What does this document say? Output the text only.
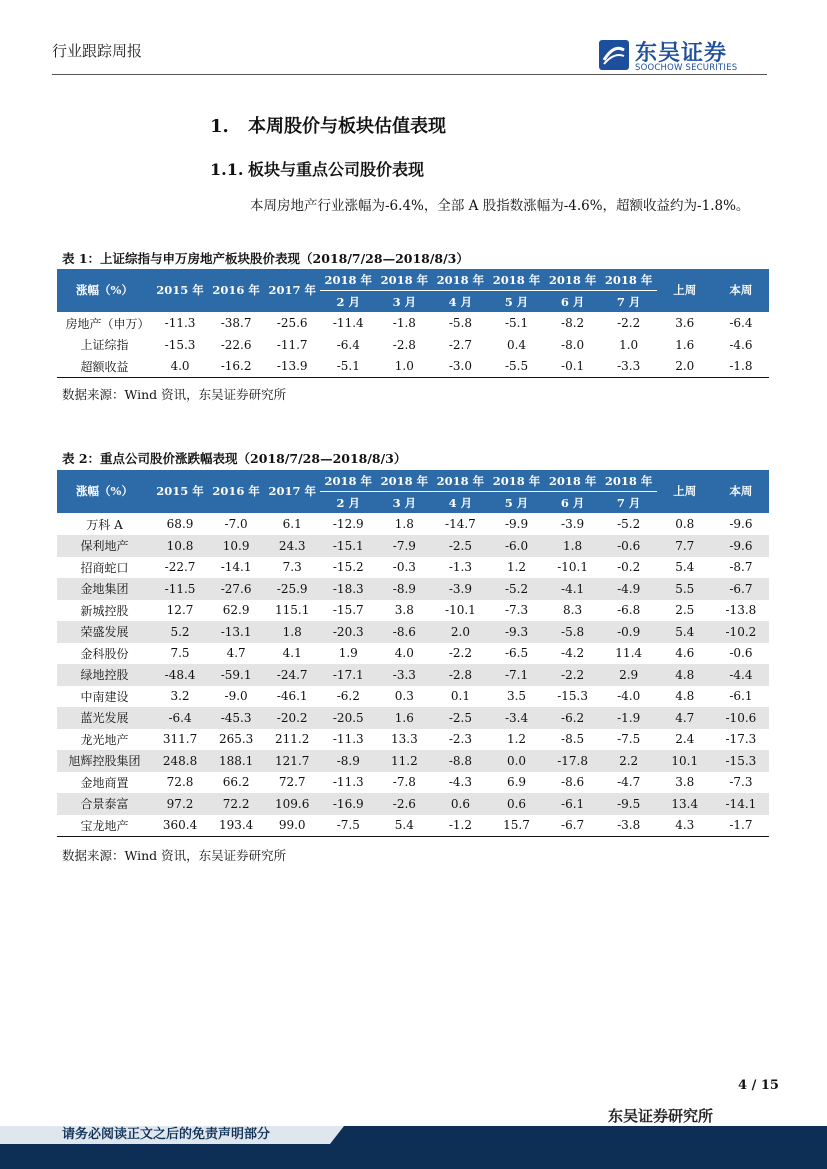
行业跟踪周报	东吴证券
SOOCHOW SECURITIES
1. 本周股价与板块估值表现
1.1. 板块与重点公司股价表现
本周房地产行业涨幅为-6.4%，全部 A 股指数涨幅为-4.6%，超额收益约为-1.8%。
表 1：上证综指与申万房地产板块股价表现（2018/7/28—2018/8/3）
涨幅（%）	2015 年	2016 年	2017 年	2018 年	2018 年	2018 年	2018 年	2018 年	2018 年	上周	本周
				2 月	3 月	4 月	5 月	6 月	7 月		
房地产（申万）	-11.3	-38.7	-25.6	-11.4	-1.8	-5.8	-5.1	-8.2	-2.2	3.6	-6.4
上证综指	-15.3	-22.6	-11.7	-6.4	-2.8	-2.7	0.4	-8.0	1.0	1.6	-4.6
超额收益	4.0	-16.2	-13.9	-5.1	1.0	-3.0	-5.5	-0.1	-3.3	2.0	-1.8
数据来源：Wind 资讯，东吴证券研究所
表 2：重点公司股价涨跌幅表现（2018/7/28—2018/8/3）
涨幅（%）	2015 年	2016 年	2017 年	2018 年	2018 年	2018 年	2018 年	2018 年	2018 年	上周	本周
				2 月	3 月	4 月	5 月	6 月	7 月		
万科 A	68.9	-7.0	6.1	-12.9	1.8	-14.7	-9.9	-3.9	-5.2	0.8	-9.6
保利地产	10.8	10.9	24.3	-15.1	-7.9	-2.5	-6.0	1.8	-0.6	7.7	-9.6
招商蛇口	-22.7	-14.1	7.3	-15.2	-0.3	-1.3	1.2	-10.1	-0.2	5.4	-8.7
金地集团	-11.5	-27.6	-25.9	-18.3	-8.9	-3.9	-5.2	-4.1	-4.9	5.5	-6.7
新城控股	12.7	62.9	115.1	-15.7	3.8	-10.1	-7.3	8.3	-6.8	2.5	-13.8
荣盛发展	5.2	-13.1	1.8	-20.3	-8.6	2.0	-9.3	-5.8	-0.9	5.4	-10.2
金科股份	7.5	4.7	4.1	1.9	4.0	-2.2	-6.5	-4.2	11.4	4.6	-0.6
绿地控股	-48.4	-59.1	-24.7	-17.1	-3.3	-2.8	-7.1	-2.2	2.9	4.8	-4.4
中南建设	3.2	-9.0	-46.1	-6.2	0.3	0.1	3.5	-15.3	-4.0	4.8	-6.1
蓝光发展	-6.4	-45.3	-20.2	-20.5	1.6	-2.5	-3.4	-6.2	-1.9	4.7	-10.6
龙光地产	311.7	265.3	211.2	-11.3	13.3	-2.3	1.2	-8.5	-7.5	2.4	-17.3
旭辉控股集团	248.8	188.1	121.7	-8.9	11.2	-8.8	0.0	-17.8	2.2	10.1	-15.3
金地商置	72.8	66.2	72.7	-11.3	-7.8	-4.3	6.9	-8.6	-4.7	3.8	-7.3
合景泰富	97.2	72.2	109.6	-16.9	-2.6	0.6	0.6	-6.1	-9.5	13.4	-14.1
宝龙地产	360.4	193.4	99.0	-7.5	5.4	-1.2	15.7	-6.7	-3.8	4.3	-1.7
数据来源：Wind 资讯，东吴证券研究所
4 / 15
东吴证券研究所
请务必阅读正文之后的免责声明部分
